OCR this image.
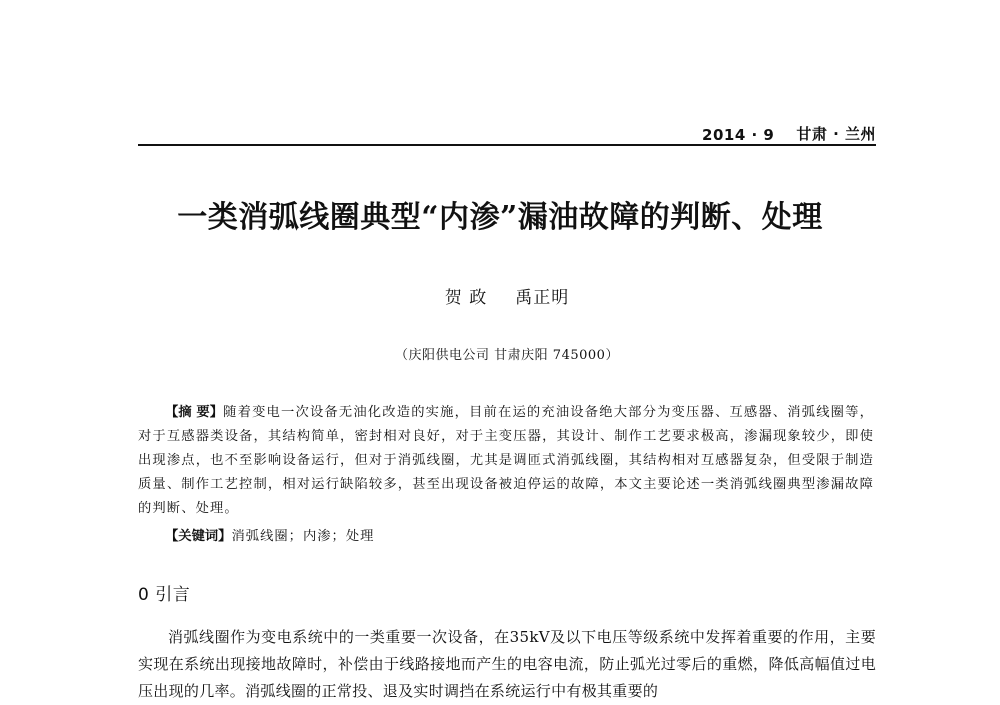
2014 · 9 甘肃 · 兰州
一类消弧线圈典型“内渗”漏油故障的判断、处理
贺 政 禹正明
（庆阳供电公司 甘肃庆阳 745000）
【摘 要】随着变电一次设备无油化改造的实施，目前在运的充油设备绝大部分为变压器、互感器、消弧线圈等，对于互感器类设备，其结构简单，密封相对良好，对于主变压器，其设计、制作工艺要求极高，渗漏现象较少，即使出现渗点，也不至影响设备运行，但对于消弧线圈，尤其是调匝式消弧线圈，其结构相对互感器复杂，但受限于制造质量、制作工艺控制，相对运行缺陷较多，甚至出现设备被迫停运的故障，本文主要论述一类消弧线圈典型渗漏故障的判断、处理。
【关键词】消弧线圈；内渗；处理
0 引言
消弧线圈作为变电系统中的一类重要一次设备，在35kV及以下电压等级系统中发挥着重要的作用，主要实现在系统出现接地故障时，补偿由于线路接地而产生的电容电流，防止弧光过零后的重燃，降低高幅值过电压出现的几率。消弧线圈的正常投、退及实时调挡在系统运行中有极其重要的
